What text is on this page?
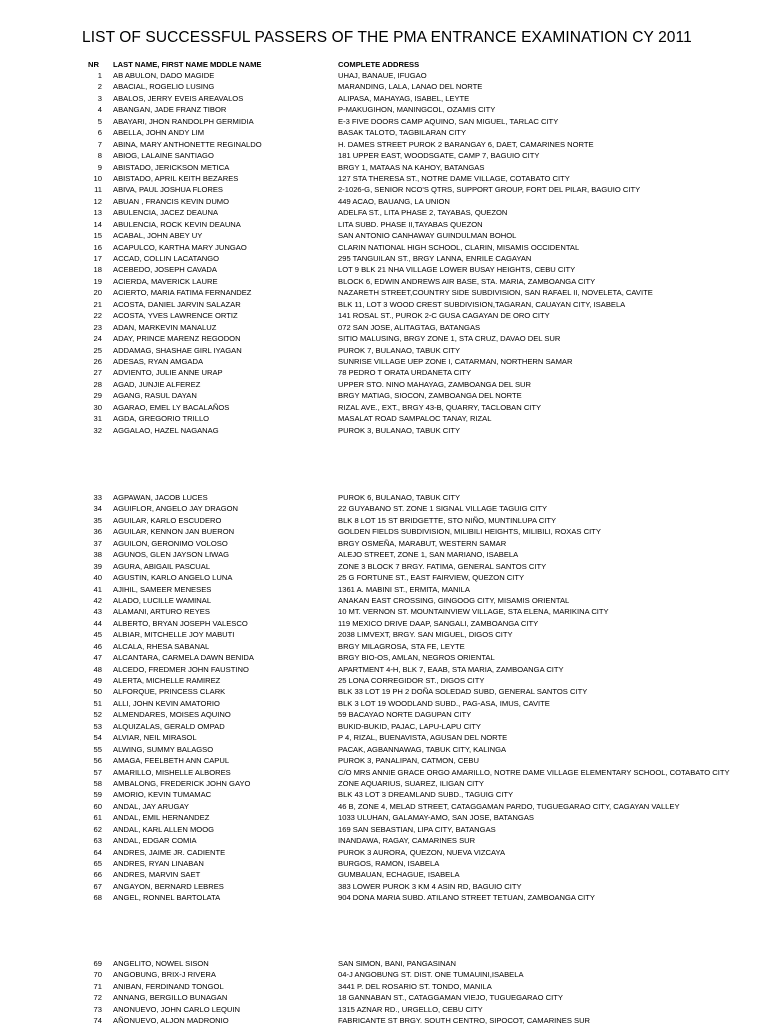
LIST OF SUCCESSFUL PASSERS OF THE PMA ENTRANCE EXAMINATION CY 2011
NR LAST NAME, FIRST NAME MDDLE NAME	COMPLETE ADDRESS
1 AB ABULON, DADO MAGIDE	UHAJ, BANAUE, IFUGAO
2 ABACIAL, ROGELIO LUSING	MARANDING, LALA, LANAO DEL NORTE
3 ABALOS, JERRY EVEIS AREAVALOS	ALIPASA, MAHAYAG, ISABEL, LEYTE
4 ABANGAN, JADE FRANZ TIBOR	P-MAKUGIHON, MANINGCOL, OZAMIS CITY
5 ABAYARI, JHON RANDOLPH GERMIDIA	E-3 FIVE DOORS CAMP AQUINO, SAN MIGUEL, TARLAC CITY
6 ABELLA, JOHN ANDY LIM	BASAK TALOTO, TAGBILARAN CITY
7 ABINA, MARY ANTHONETTE REGINALDO	H. DAMES STREET PUROK 2 BARANGAY 6, DAET, CAMARINES NORTE
8 ABIOG, LALAINE SANTIAGO	181 UPPER EAST, WOODSGATE, CAMP 7, BAGUIO CITY
9 ABISTADO, JERICKSON METICA	BRGY 1, MATAAS NA KAHOY, BATANGAS
10 ABISTADO, APRIL KEITH BEZARES	127 STA THERESA ST., NOTRE DAME VILLAGE, COTABATO CITY
11 ABIVA, PAUL JOSHUA FLORES	2-1026-G, SENIOR NCO'S QTRS, SUPPORT GROUP, FORT DEL PILAR, BAGUIO CITY
12 ABUAN , FRANCIS KEVIN DUMO	449 ACAO, BAUANG, LA UNION
13 ABULENCIA, JACEZ DEAUNA	ADELFA ST., LITA PHASE 2, TAYABAS, QUEZON
14 ABULENCIA, ROCK KEVIN DEAUNA	LITA SUBD. PHASE II,TAYABAS QUEZON
15 ACABAL, JOHN ABEY UY	SAN ANTONIO CANHAWAY GUINDULMAN BOHOL
16 ACAPULCO, KARTHA MARY JUNGAO	CLARIN NATIONAL HIGH SCHOOL, CLARIN, MISAMIS OCCIDENTAL
17 ACCAD, COLLIN LACATANGO	295 TANGUILAN ST., BRGY LANNA, ENRILE CAGAYAN
18 ACEBEDO, JOSEPH CAVADA	LOT 9 BLK 21 NHA VILLAGE LOWER BUSAY HEIGHTS, CEBU CITY
19 ACIERDA, MAVERICK LAURE	BLOCK 6, EDWIN ANDREWS AIR BASE, STA. MARIA, ZAMBOANGA CITY
20 ACIERTO, MARIA FATIMA FERNANDEZ	NAZARETH STREET,COUNTRY SIDE SUBDIVISION, SAN RAFAEL II, NOVELETA, CAVITE
21 ACOSTA, DANIEL JARVIN SALAZAR	BLK 11, LOT 3 WOOD CREST SUBDIVISION,TAGARAN, CAUAYAN CITY, ISABELA
22 ACOSTA, YVES LAWRENCE ORTIZ	141 ROSAL ST., PUROK 2-C GUSA CAGAYAN DE ORO CITY
23 ADAN, MARKEVIN MANALUZ	072 SAN JOSE, ALITAGTAG, BATANGAS
24 ADAY, PRINCE MARENZ REGODON	SITIO MALUSING, BRGY ZONE 1, STA CRUZ, DAVAO DEL SUR
25 ADDAMAG, SHASHAE GIRL IYAGAN	PUROK 7, BULANAO, TABUK CITY
26 ADESAS, RYAN AMGADA	SUNRISE VILLAGE UEP ZONE I, CATARMAN, NORTHERN SAMAR
27 ADVIENTO, JULIE ANNE URAP	78 PEDRO T ORATA URDANETA CITY
28 AGAD, JUNJIE ALFEREZ	UPPER STO. NINO MAHAYAG, ZAMBOANGA DEL SUR
29 AGANG, RASUL DAYAN	BRGY MATIAG, SIOCON, ZAMBOANGA DEL NORTE
30 AGARAO, EMEL LY BACALAÑOS	RIZAL AVE., EXT., BRGY 43-B, QUARRY, TACLOBAN CITY
31 AGDA, GREGORIO TRILLO	MASALAT ROAD SAMPALOC TANAY, RIZAL
32 AGGALAO, HAZEL NAGANAG	PUROK 3, BULANAO, TABUK CITY
33 AGPAWAN, JACOB LUCES	PUROK 6, BULANAO, TABUK CITY
34 AGUIFLOR, ANGELO JAY DRAGON	22 GUYABANO ST. ZONE 1 SIGNAL VILLAGE TAGUIG CITY
35 AGUILAR, KARLO ESCUDERO	BLK 8 LOT 15 ST BRIDGETTE, STO NIÑO, MUNTINLUPA CITY
36 AGUILAR, KENNON JAN BUERON	GOLDEN FIELDS SUBDIVISION, MILIBILI HEIGHTS, MILIBILI, ROXAS CITY
37 AGUILON, GERONIMO VOLOSO	BRGY OSMEÑA, MARABUT, WESTERN SAMAR
38 AGUNOS, GLEN JAYSON LIWAG	ALEJO STREET, ZONE 1, SAN MARIANO, ISABELA
39 AGURA, ABIGAIL PASCUAL	ZONE 3 BLOCK 7 BRGY. FATIMA, GENERAL SANTOS CITY
40 AGUSTIN, KARLO ANGELO LUNA	25 G FORTUNE ST., EAST FAIRVIEW, QUEZON CITY
41 AJIHIL, SAMEER MENESES	1361 A. MABINI ST., ERMITA, MANILA
42 ALADO, LUCILLE WAMINAL	ANAKAN EAST CROSSING, GINGOOG CITY, MISAMIS ORIENTAL
43 ALAMANI, ARTURO REYES	10 MT. VERNON ST. MOUNTAINVIEW VILLAGE, STA ELENA, MARIKINA CITY
44 ALBERTO, BRYAN JOSEPH VALESCO	119 MEXICO DRIVE DAAP, SANGALI, ZAMBOANGA CITY
45 ALBIAR, MITCHELLE JOY MABUTI	2038 LIMVEXT, BRGY. SAN MIGUEL, DIGOS CITY
46 ALCALA, RHESA SABANAL	BRGY MILAGROSA, STA FE, LEYTE
47 ALCANTARA, CARMELA DAWN BENIDA	BRGY BIO-OS, AMLAN, NEGROS ORIENTAL
48 ALCEDO, FREDMER JOHN FAUSTINO	APARTMENT 4-H, BLK 7, EAAB, STA MARIA, ZAMBOANGA CITY
49 ALERTA, MICHELLE RAMIREZ	25 LONA CORREGIDOR ST., DIGOS CITY
50 ALFORQUE, PRINCESS CLARK	BLK 33 LOT 19 PH 2 DOÑA SOLEDAD SUBD, GENERAL SANTOS CITY
51 ALLI, JOHN KEVIN AMATORIO	BLK 3 LOT 19 WOODLAND SUBD., PAG-ASA, IMUS, CAVITE
52 ALMENDARES, MOISES AQUINO	59 BACAYAO NORTE DAGUPAN CITY
53 ALQUIZALAS, GERALD OMPAD	BUKID-BUKID, PAJAC, LAPU-LAPU CITY
54 ALVIAR, NEIL MIRASOL	P 4, RIZAL, BUENAVISTA, AGUSAN DEL NORTE
55 ALWING, SUMMY BALAGSO	PACAK, AGBANNAWAG, TABUK CITY, KALINGA
56 AMAGA, FEELBETH ANN CAPUL	PUROK 3, PANALIPAN, CATMON, CEBU
57 AMARILLO, MISHELLE ALBORES	C/O MRS ANNIE GRACE ORGO AMARILLO, NOTRE DAME VILLAGE ELEMENTARY SCHOOL, COTABATO CITY
58 AMBALONG, FREDERICK JOHN GAYO	ZONE AQUARIUS, SUAREZ, ILIGAN CITY
59 AMORIO, KEVIN TUMAMAC	BLK 43 LOT 3 DREAMLAND SUBD., TAGUIG CITY
60 ANDAL, JAY ARUGAY	46 B, ZONE 4, MELAD STREET, CATAGGAMAN PARDO, TUGUEGARAO CITY, CAGAYAN VALLEY
61 ANDAL, EMIL HERNANDEZ	1033 ULUHAN, GALAMAY-AMO, SAN JOSE, BATANGAS
62 ANDAL, KARL ALLEN MOOG	169 SAN SEBASTIAN, LIPA CITY, BATANGAS
63 ANDAL, EDGAR COMIA	INANDAWA, RAGAY, CAMARINES SUR
64 ANDRES, JAIME JR. CADIENTE	PUROK 3 AURORA, QUEZON, NUEVA VIZCAYA
65 ANDRES, RYAN LINABAN	BURGOS, RAMON, ISABELA
66 ANDRES, MARVIN SAET	GUMBAUAN, ECHAGUE, ISABELA
67 ANGAYON, BERNARD LEBRES	383 LOWER PUROK 3 KM 4 ASIN RD, BAGUIO CITY
68 ANGEL, RONNEL BARTOLATA	904 DONA MARIA SUBD. ATILANO STREET TETUAN, ZAMBOANGA CITY
69 ANGELITO, NOWEL SISON	SAN SIMON, BANI, PANGASINAN
70 ANGOBUNG, BRIX-J RIVERA	04-J ANGOBUNG ST. DIST. ONE TUMAUINI,ISABELA
71 ANIBAN, FERDINAND TONGOL	3441 P. DEL ROSARIO ST. TONDO, MANILA
72 ANNANG, BERGILLO BUNAGAN	18 GANNABAN ST., CATAGGAMAN VIEJO, TUGUEGARAO CITY
73 ANONUEVO, JOHN CARLO LEQUIN	1315 AZNAR RD., URGELLO, CEBU CITY
74 AÑONUEVO, ALJON MADRONIO	FABRICANTE ST BRGY. SOUTH CENTRO, SIPOCOT, CAMARINES SUR
